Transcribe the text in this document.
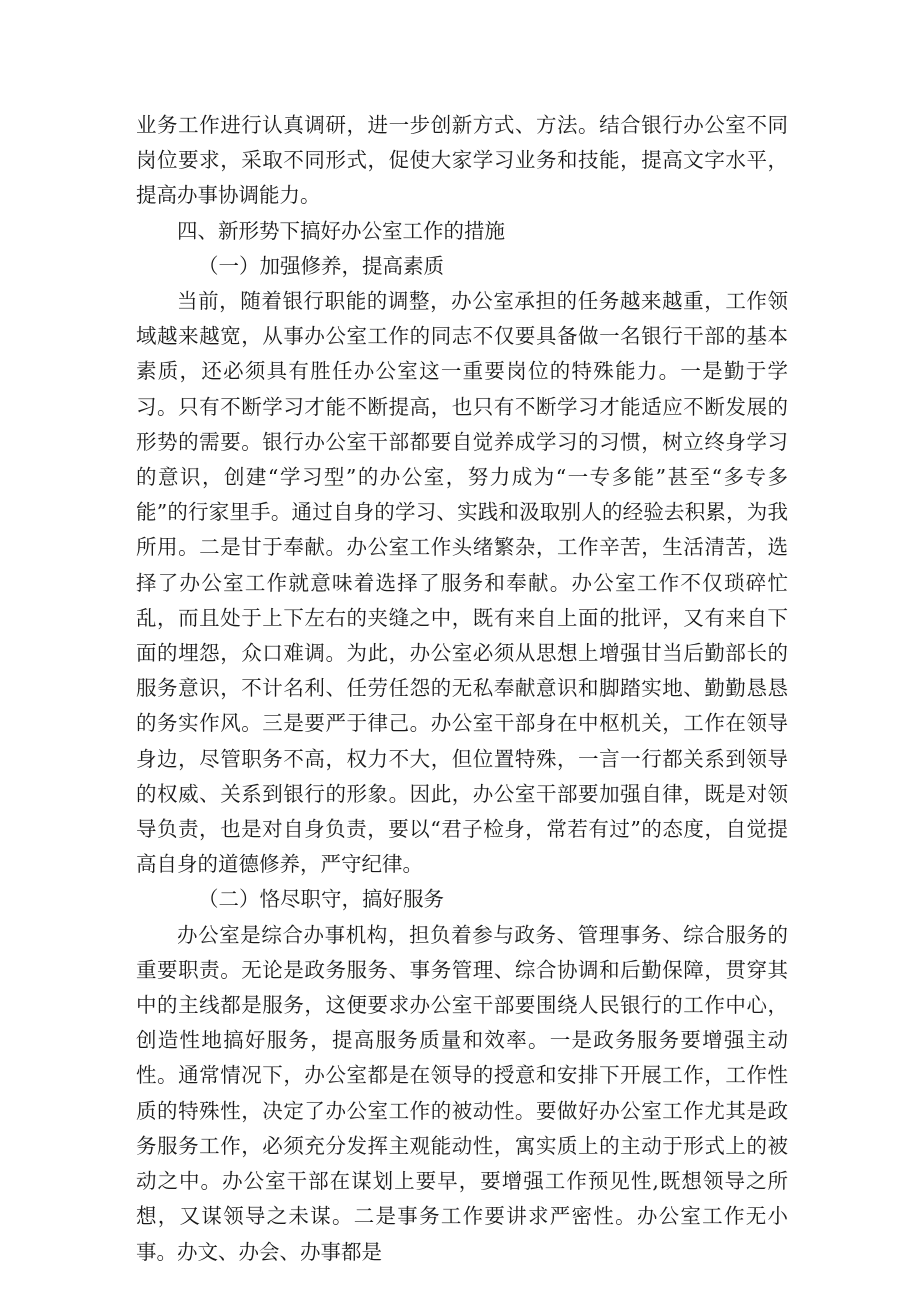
业务工作进行认真调研，进一步创新方式、方法。结合银行办公室不同岗位要求，采取不同形式，促使大家学习业务和技能，提高文字水平，提高办事协调能力。

四、新形势下搞好办公室工作的措施

（一）加强修养，提高素质

当前，随着银行职能的调整，办公室承担的任务越来越重，工作领域越来越宽，从事办公室工作的同志不仅要具备做一名银行干部的基本素质，还必须具有胜任办公室这一重要岗位的特殊能力。一是勤于学习。只有不断学习才能不断提高，也只有不断学习才能适应不断发展的形势的需要。银行办公室干部都要自觉养成学习的习惯，树立终身学习的意识，创建“学习型”的办公室，努力成为“一专多能”甚至“多专多能”的行家里手。通过自身的学习、实践和汲取别人的经验去积累，为我所用。二是甘于奉献。办公室工作头绪繁杂，工作辛苦，生活清苦，选择了办公室工作就意味着选择了服务和奉献。办公室工作不仅琐碎忙乱，而且处于上下左右的夹缝之中，既有来自上面的批评，又有来自下面的埋怨，众口难调。为此，办公室必须从思想上增强甘当后勤部长的服务意识，不计名利、任劳任怨的无私奉献意识和脚踏实地、勤勤恳恳的务实作风。三是要严于律己。办公室干部身在中枢机关，工作在领导身边，尽管职务不高，权力不大，但位置特殊，一言一行都关系到领导的权威、关系到银行的形象。因此，办公室干部要加强自律，既是对领导负责，也是对自身负责，要以“君子检身，常若有过”的态度，自觉提高自身的道德修养，严守纪律。

（二）恪尽职守，搞好服务

办公室是综合办事机构，担负着参与政务、管理事务、综合服务的重要职责。无论是政务服务、事务管理、综合协调和后勤保障，贯穿其中的主线都是服务，这便要求办公室干部要围绕人民银行的工作中心，创造性地搞好服务，提高服务质量和效率。一是政务服务要增强主动性。通常情况下，办公室都是在领导的授意和安排下开展工作，工作性质的特殊性，决定了办公室工作的被动性。要做好办公室工作尤其是政务服务工作，必须充分发挥主观能动性，寓实质上的主动于形式上的被动之中。办公室干部在谋划上要早，要增强工作预见性,既想领导之所想，又谋领导之未谋。二是事务工作要讲求严密性。办公室工作无小事。办文、办会、办事都是
